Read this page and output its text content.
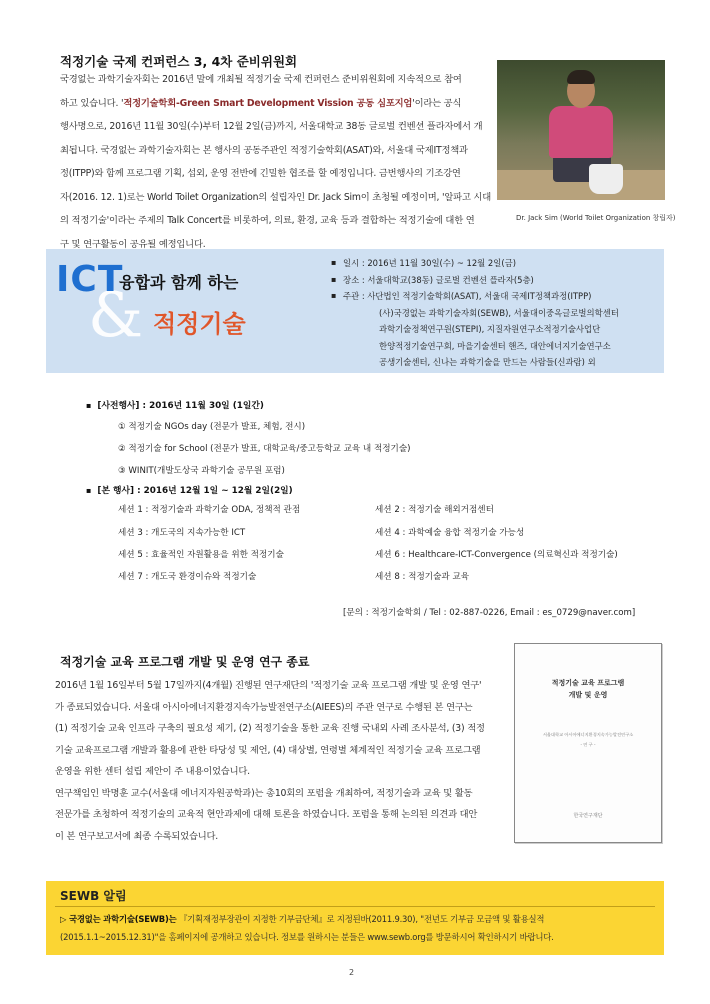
적정기술 국제 컨퍼런스 3, 4차 준비위원회
국경없는 과학기술자회는 2016년 말에 개최될 적정기술 국제 컨퍼런스 준비위원회에 지속적으로 참여
하고 있습니다. '적정기술학회-Green Smart Development Vission 공동 심포지엄'이라는 공식
행사명으로, 2016년 11월 30일(수)부터 12월 2일(금)까지, 서울대학교 38동 글로벌 컨벤션 플라자에서 개
최됩니다. 국경없는 과학기술자회는 본 행사의 공동주관인 적정기술학회(ASAT)와, 서울대 국제IT정책과
정(ITPP)와 함께 프로그램 기획, 섭외, 운영 전반에 긴밀한 협조를 할 예정입니다. 금번행사의 기조강연
자(2016. 12. 1)로는 World Toilet Organization의 설립자인 Dr. Jack Sim이 초청될 예정이며, '알파고 시대
의 적정기술'이라는 주제의 Talk Concert를 비롯하여, 의료, 환경, 교육 등과 결합하는 적정기술에 대한 연
구 및 연구활동이 공유될 예정입니다.
Dr. Jack Sim (World Toilet Organization 창립자)
&
ICT
융합과 함께 하는
적정기술
▪ 일시 : 2016년 11월 30일(수) ~ 12월 2일(금)
▪ 장소 : 서울대학교(38동) 글로벌 컨벤션 플라자(5층)
▪ 주관 : 사단법인 적정기술학회(ASAT), 서울대 국제IT정책과정(ITPP)
(사)국경없는 과학기술자회(SEWB), 서울대이중옥글로벌의학센터
과학기술정책연구원(STEPI), 지질자원연구소적정기술사업단
한양적정기술연구회, 마을기술센터 핸즈, 대안에너지기술연구소
공생기술센터, 신나는 과학기술을 만드는 사람들(신과람) 외
▪ [사전행사] : 2016년 11월 30일 (1일간)
① 적정기술 NGOs day (전문가 발표, 체험, 전시)
② 적정기술 for School (전문가 발표, 대학교육/중고등학교 교육 내 적정기술)
③ WINIT(개발도상국 과학기술 공무원 포럼)
▪ [본 행사] : 2016년 12월 1일 ~ 12월 2일(2일)
세션 1 : 적정기술과 과학기술 ODA, 정책적 관점
세션 3 : 개도국의 지속가능한 ICT
세션 5 : 효율적인 자원활용을 위한 적정기술
세션 7 : 개도국 환경이슈와 적정기술
세션 2 : 적정기술 해외거점센터
세션 4 : 과학예술 융합 적정기술 가능성
세션 6 : Healthcare-ICT-Convergence (의료혁신과 적정기술)
세션 8 : 적정기술과 교육
[문의 : 적정기술학회 / Tel : 02-887-0226, Email : es_0729@naver.com]
적정기술 교육 프로그램 개발 및 운영 연구 종료
2016년 1월 16일부터 5월 17일까지(4개월) 진행된 연구재단의 '적정기술 교육 프로그램 개발 및 운영 연구'
가 종료되었습니다. 서울대 아시아에너지환경지속가능발전연구소(AIEES)의 주관 연구로 수행된 본 연구는
(1) 적정기술 교육 인프라 구축의 필요성 제기, (2) 적정기술을 통한 교육 진행 국내외 사례 조사분석, (3) 적정
기술 교육프로그램 개발과 활용에 관한 타당성 및 제언, (4) 대상별, 연령별 체계적인 적정기술 교육 프로그램
운영을 위한 센터 설립 제안이 주 내용이었습니다.
연구책임인 박명훈 교수(서울대 에너지자원공학과)는 총10회의 포럼을 개최하여, 적정기술과 교육 및 활동
전문가를 초청하여 적정기술의 교육적 현안과제에 대해 토론을 하였습니다. 포럼을 통해 논의된 의견과 대안
이 본 연구보고서에 최종 수록되었습니다.
적정기술 교육 프로그램
개발 및 운영
서울대학교 아시아에너지환경지속가능발전연구소
- 연 구 -
한국연구재단
SEWB 알림
▷ 국경없는 과학기술(SEWB)는 『기획재정부장관이 지정한 기부금단체』로 지정된바(2011.9.30), "전년도 기부금 모금액 및 활용실적
(2015.1.1~2015.12.31)"을 홈페이지에 공개하고 있습니다. 정보를 원하시는 분들은 www.sewb.org를 방문하시어 확인하시기 바랍니다.
2
